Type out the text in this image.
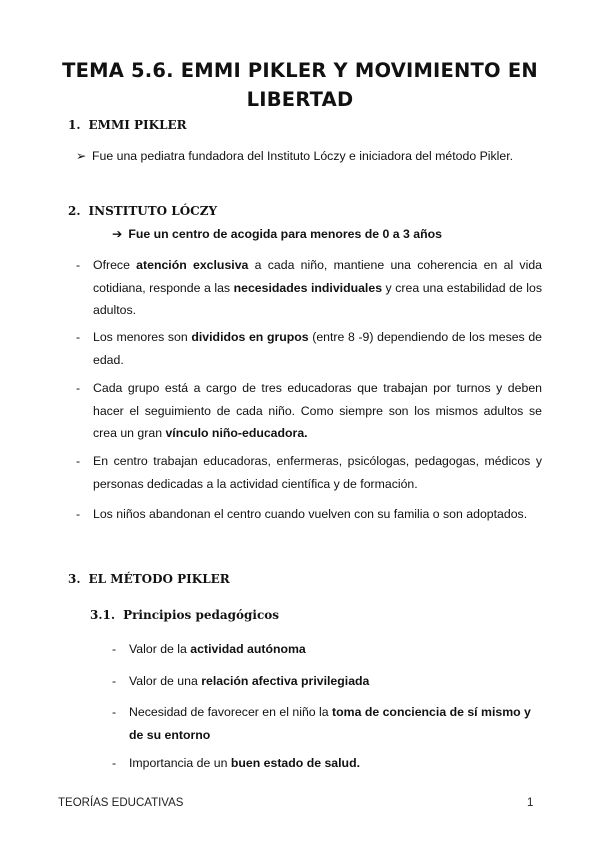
TEMA 5.6. EMMI PIKLER Y MOVIMIENTO EN LIBERTAD
1. EMMI PIKLER
➢ Fue una pediatra fundadora del Instituto Lóczy e iniciadora del método Pikler.
2. INSTITUTO LÓCZY
➔ Fue un centro de acogida para menores de 0 a 3 años
- Ofrece atención exclusiva a cada niño, mantiene una coherencia en al vida cotidiana, responde a las necesidades individuales y crea una estabilidad de los adultos.
- Los menores son divididos en grupos (entre 8 -9) dependiendo de los meses de edad.
- Cada grupo está a cargo de tres educadoras que trabajan por turnos y deben hacer el seguimiento de cada niño. Como siempre son los mismos adultos se crea un gran vínculo niño-educadora.
- En centro trabajan educadoras, enfermeras, psicólogas, pedagogas, médicos y personas dedicadas a la actividad científica y de formación.
- Los niños abandonan el centro cuando vuelven con su familia o son adoptados.
3. EL MÉTODO PIKLER
3.1. Principios pedagógicos
- Valor de la actividad autónoma
- Valor de una relación afectiva privilegiada
- Necesidad de favorecer en el niño la toma de conciencia de sí mismo y de su entorno
- Importancia de un buen estado de salud.
TEORÍAS EDUCATIVAS	1
